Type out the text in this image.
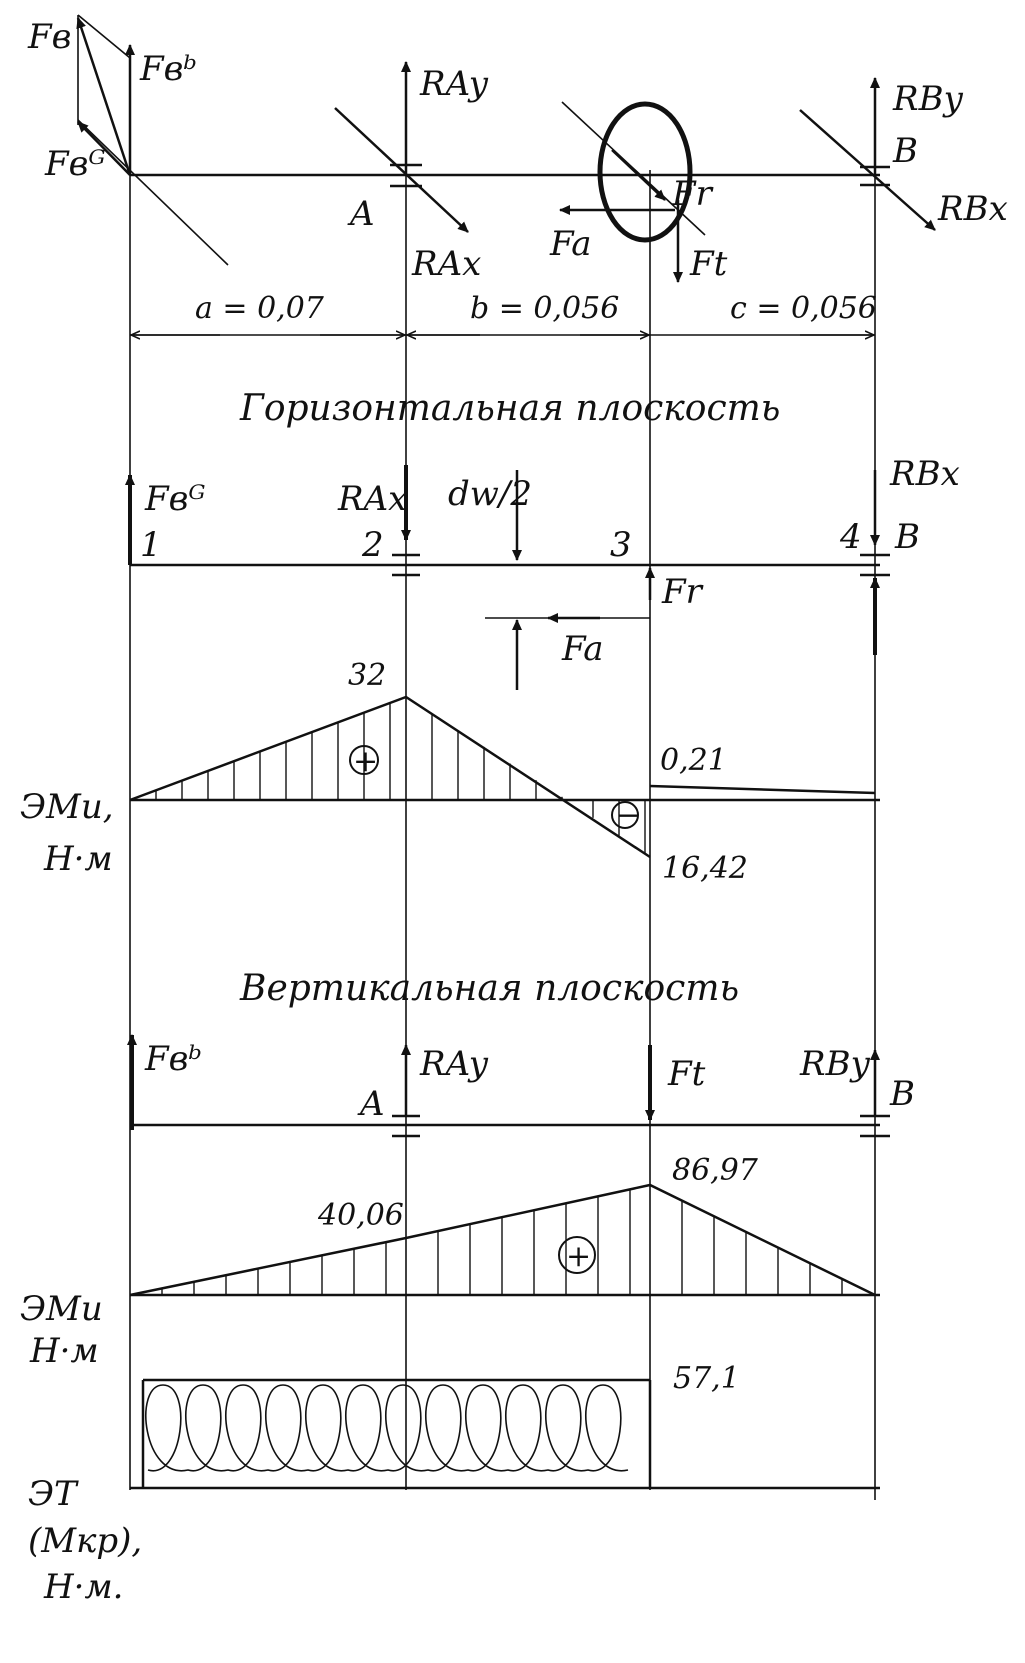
Fв
Fвᵇ
Fвᴳ
RAy
A
RAx
Fr
Fa	Ft
RBy
B
RBx
a = 0,07	b = 0,056	c = 0,056
Горизонтальная плоскость
Fвᴳ
1
RAx
2
dw/2
Fa
Fr
3
RBx
4 B
+
−
32
0,21
16,42
ЭMи,
Н·м
Вертикальная плоскость
Fвᵇ	RAy
A
Ft	RBy
B
+
40,06
86,97
ЭMи
Н·м
57,1
ЭT
(Мкр),
Н·м.
